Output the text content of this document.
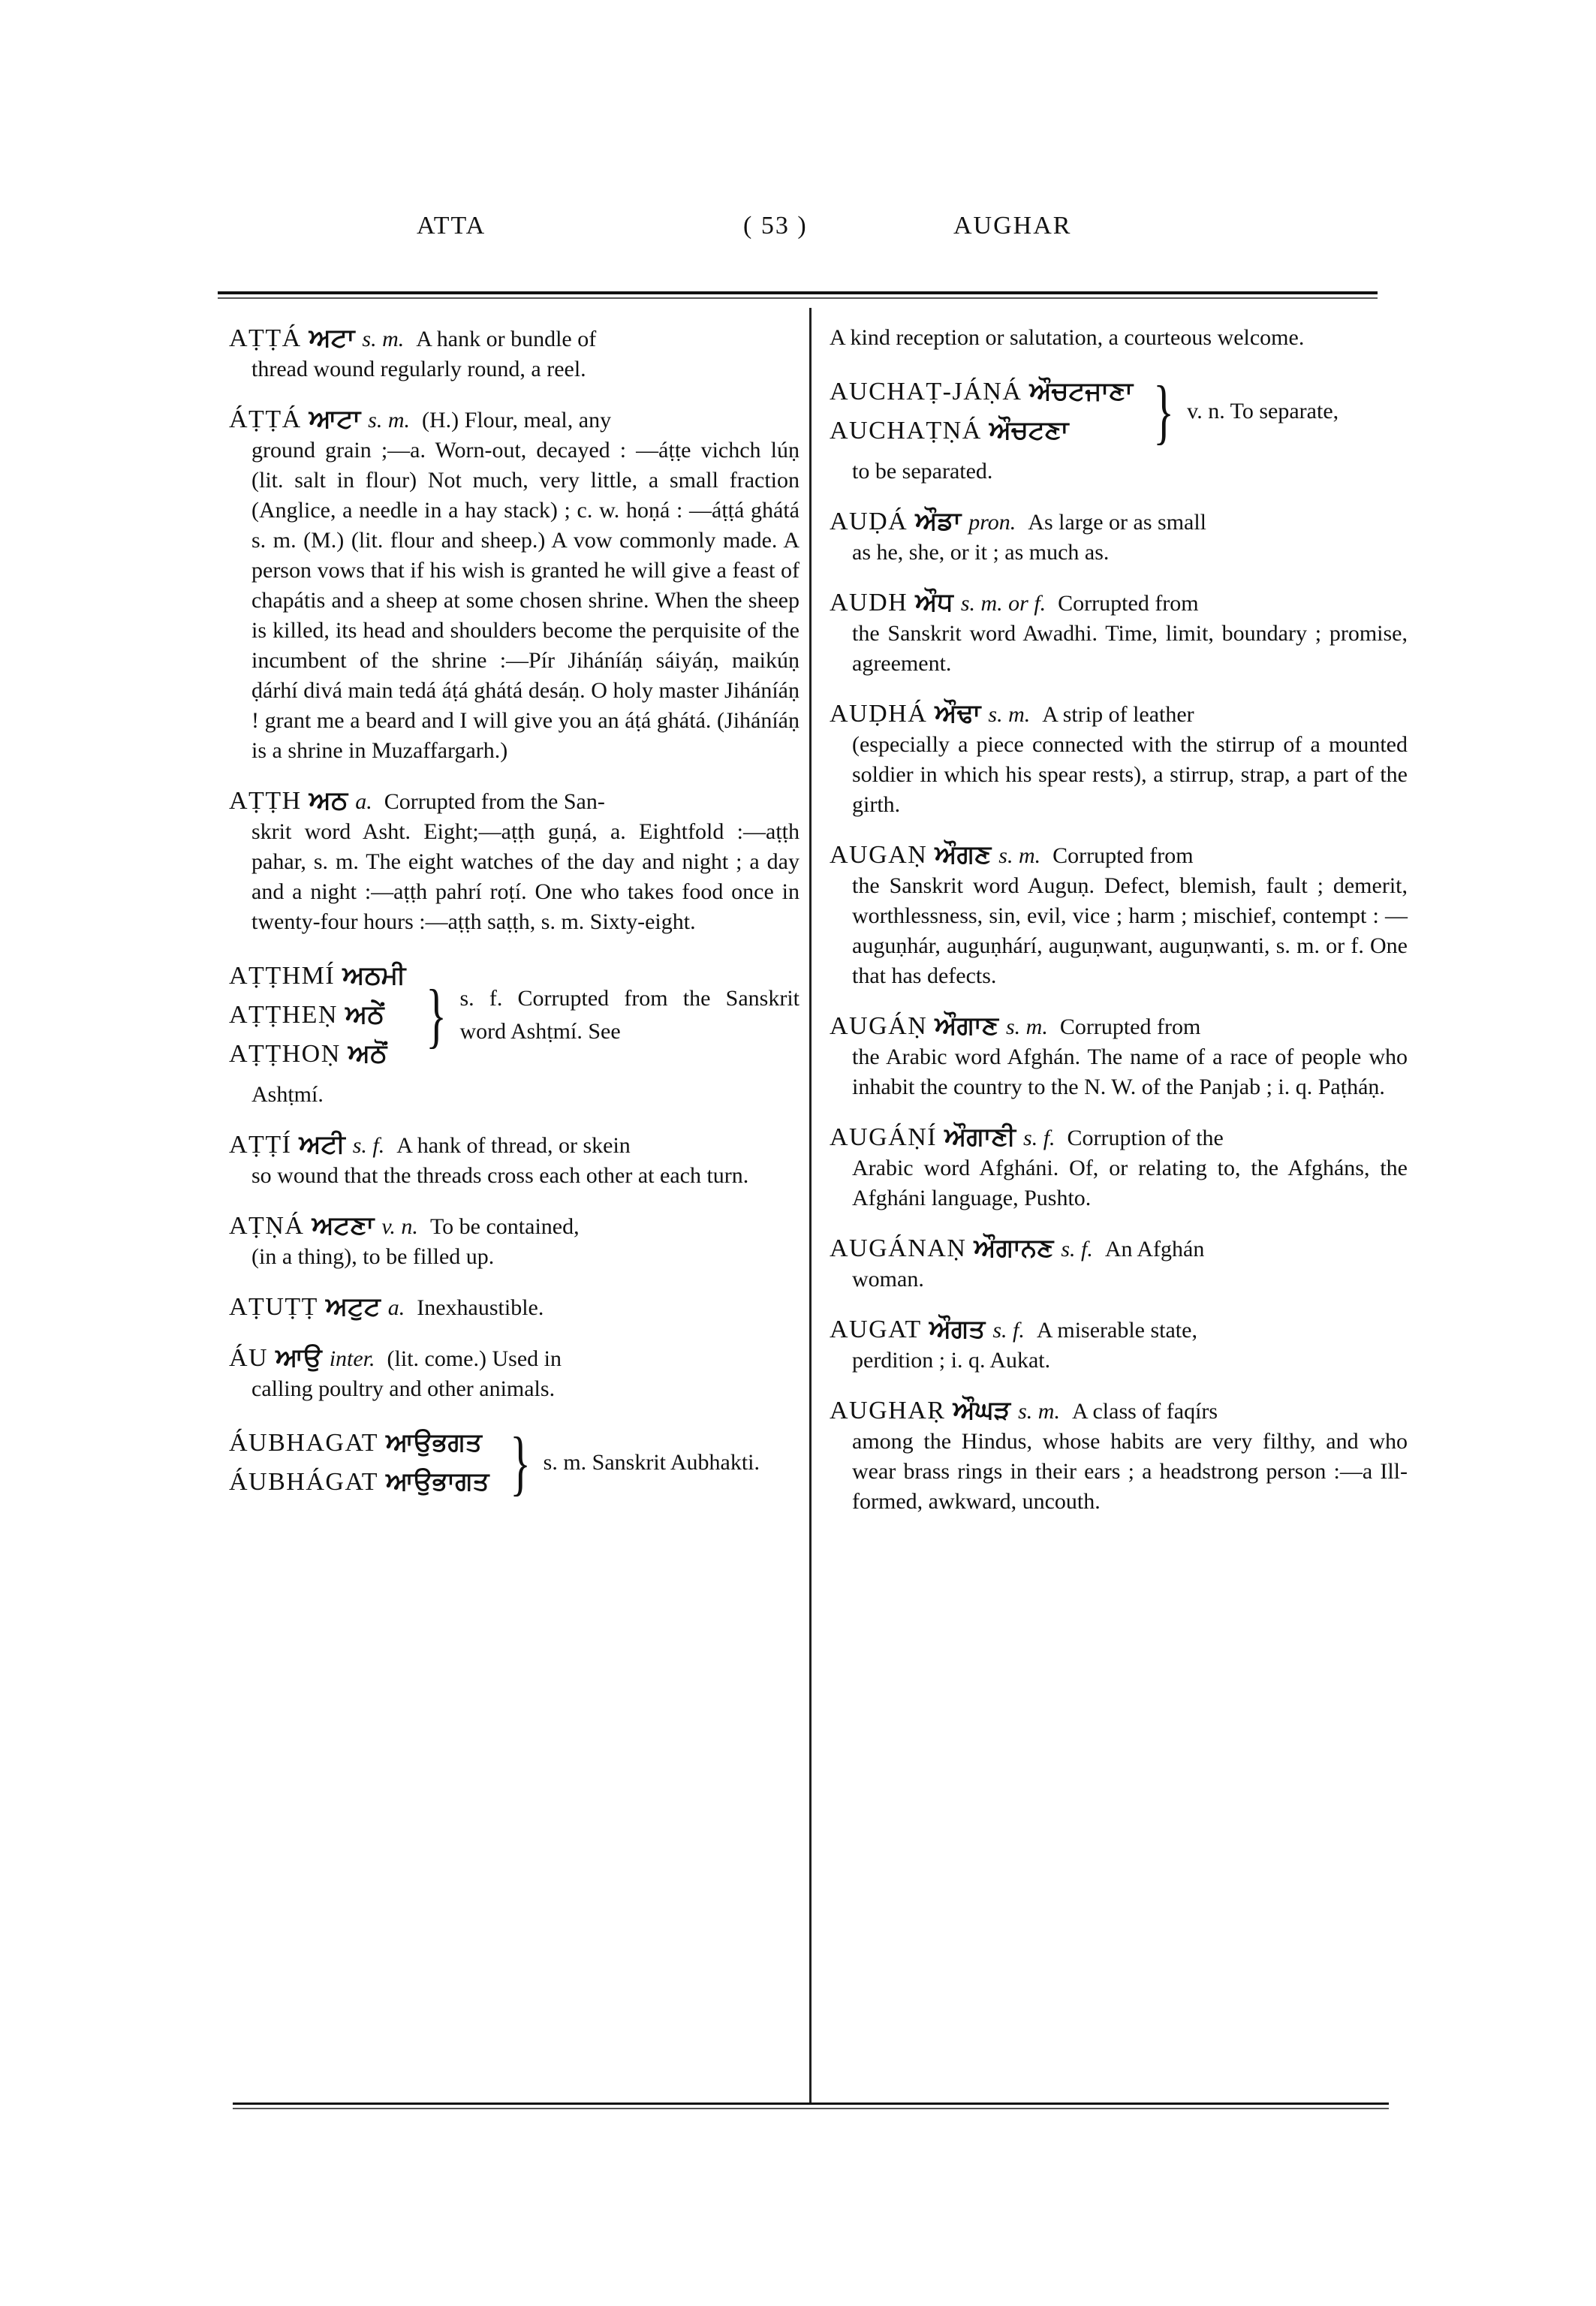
ATTA	( 53 )	AUGHAR
AṬṬÁ ਅਟਾ s. m. A hank or bundle of
thread wound regularly round, a reel.
ÁṬṬÁ ਆਟਾ s. m. (H.) Flour, meal, any
ground grain ;—a. Worn-out, decayed : —áṭṭe vichch lúṇ (lit. salt in flour) Not much, very little, a small fraction (Anglice, a needle in a hay stack) ; c. w. hoṇá : —áṭṭá ghátá s. m. (M.) (lit. flour and sheep.) A vow commonly made. A person vows that if his wish is granted he will give a feast of chapátis and a sheep at some chosen shrine. When the sheep is killed, its head and shoulders become the perquisite of the incumbent of the shrine :—Pír Jiháníáṇ sáiyáṇ, maikúṇ ḍárhí divá main tedá áṭá ghátá desáṇ. O holy master Jiháníáṇ ! grant me a beard and I will give you an áṭá ghátá. (Jiháníáṇ is a shrine in Muzaffargarh.)
AṬṬH ਅਠ a. Corrupted from the San-
skrit word Asht. Eight;—aṭṭh guṇá, a. Eightfold :—aṭṭh pahar, s. m. The eight watches of the day and night ; a day and a night :—aṭṭh pahrí roṭí. One who takes food once in twenty-four hours :—aṭṭh saṭṭh, s. m. Sixty-eight.
AṬṬHMÍ ਅਠਮੀ
AṬṬHEṆ ਅਠੇਂ
AṬṬHOṆ ਅਠੋਂ } s. f. Corrupted from the Sanskrit word Ashṭmí. See
Ashṭmí.
AṬṬÍ ਅਟੀ s. f. A hank of thread, or skein
so wound that the threads cross each other at each turn.
AṬṆÁ ਅਟਣਾ v. n. To be contained,
(in a thing), to be filled up.
AṬUṬṬ ਅਟੁਟ a. Inexhaustible.
ÁU ਆਉ inter. (lit. come.) Used in
calling poultry and other animals.
ÁUBHAGAT ਆਉਭਗਤ
ÁUBHÁGAT ਆਉਭਾਗਤ } s. m. Sanskrit Aubhakti.
A kind reception or salutation, a courteous welcome.
AUCHAṬ-JÁṆÁ ਔਚਟਜਾਣਾ
AUCHAṬṆÁ ਔਚਟਣਾ	} v. n. To separate,
to be separated.
AUḌÁ ਔਡਾ pron. As large or as small
as he, she, or it ; as much as.
AUDH ਔਧ s. m. or f. Corrupted from
the Sanskrit word Awadhi. Time, limit, boundary ; promise, agreement.
AUḌHÁ ਔਢਾ s. m. A strip of leather
(especially a piece connected with the stirrup of a mounted soldier in which his spear rests), a stirrup, strap, a part of the girth.
AUGAṆ ਔਗਣ s. m. Corrupted from
the Sanskrit word Auguṇ. Defect, blemish, fault ; demerit, worthlessness, sin, evil, vice ; harm ; mischief, contempt : —auguṇhár, auguṇhárí, auguṇwant, auguṇwanti, s. m. or f. One that has defects.
AUGÁṆ ਔਗਾਣ s. m. Corrupted from
the Arabic word Afghán. The name of a race of people who inhabit the country to the N. W. of the Panjab ; i. q. Paṭháṇ.
AUGÁṆÍ ਔਗਾਣੀ s. f. Corruption of the
Arabic word Afgháni. Of, or relating to, the Afgháns, the Afgháni language, Pushto.
AUGÁNAṆ ਔਗਾਨਣ s. f. An Afghán
woman.
AUGAT ਔਗਤ s. f. A miserable state,
perdition ; i. q. Aukat.
AUGHAṚ ਔਘੜ s. m. A class of faqírs
among the Hindus, whose habits are very filthy, and who wear brass rings in their ears ; a headstrong person :—a Ill-formed, awkward, uncouth.
